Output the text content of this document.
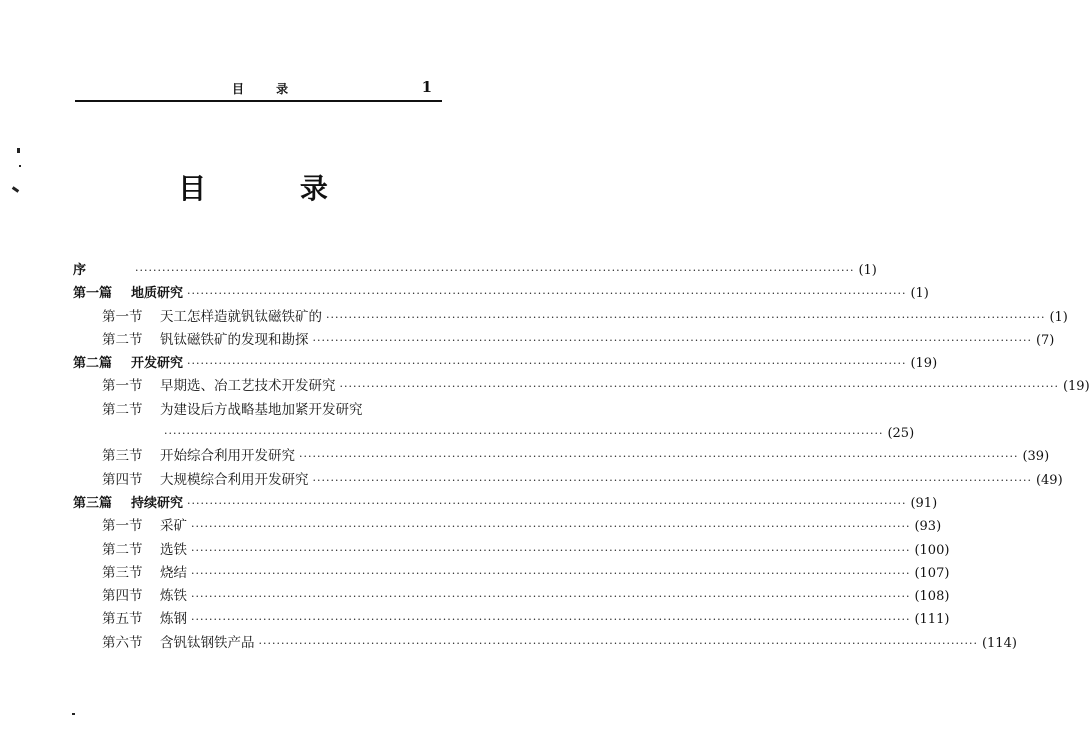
目 录	1
目 录
序	································································································································································ (1)
第一篇	地质研究 ································································································································································ (1)
第一节	天工怎样造就钒钛磁铁矿的 ································································································································································ (1)
第二节	钒钛磁铁矿的发现和勘探 ································································································································································ (7)
第二篇	开发研究 ································································································································································ (19)
第一节	早期选、冶工艺技术开发研究 ································································································································································ (19)
第二节	为建设后方战略基地加紧开发研究
································································································································································ (25)
第三节	开始综合利用开发研究 ································································································································································ (39)
第四节	大规模综合利用开发研究 ································································································································································ (49)
第三篇	持续研究 ································································································································································ (91)
第一节	采矿 ································································································································································ (93)
第二节	选铁 ································································································································································ (100)
第三节	烧结 ································································································································································ (107)
第四节	炼铁 ································································································································································ (108)
第五节	炼钢 ································································································································································ (111)
第六节	含钒钛钢铁产品 ································································································································································ (114)
